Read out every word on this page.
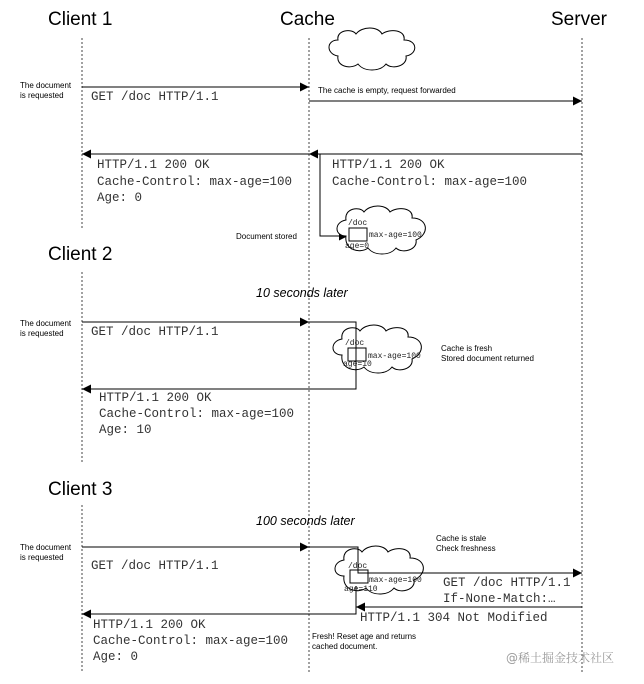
Client 1	Cache	Server
The document
is requested GET /doc HTTP/1.1	The cache is empty, request forwarded
HTTP/1.1 200 OK
Cache-Control: max-age=100
HTTP/1.1 200 OK
Cache-Control: max-age=100
Age: 0
Document stored
/doc
max-age=100
age=0
Client 2
10 seconds later
The document
is requested GET /doc HTTP/1.1
/doc
max-age=100
age=10
Cache is fresh
Stored document returned
HTTP/1.1 200 OK
Cache-Control: max-age=100
Age: 10
Client 3
100 seconds later
Cache is stale
Check freshness
The document
is requested
GET /doc HTTP/1.1	/doc
max-age=100
age=110	GET /doc HTTP/1.1
If-None-Match:…
HTTP/1.1 304 Not Modified
HTTP/1.1 200 OK
Cache-Control: max-age=100
Age: 0
Fresh! Reset age and returns
cached document.
@稀土掘金技术社区
